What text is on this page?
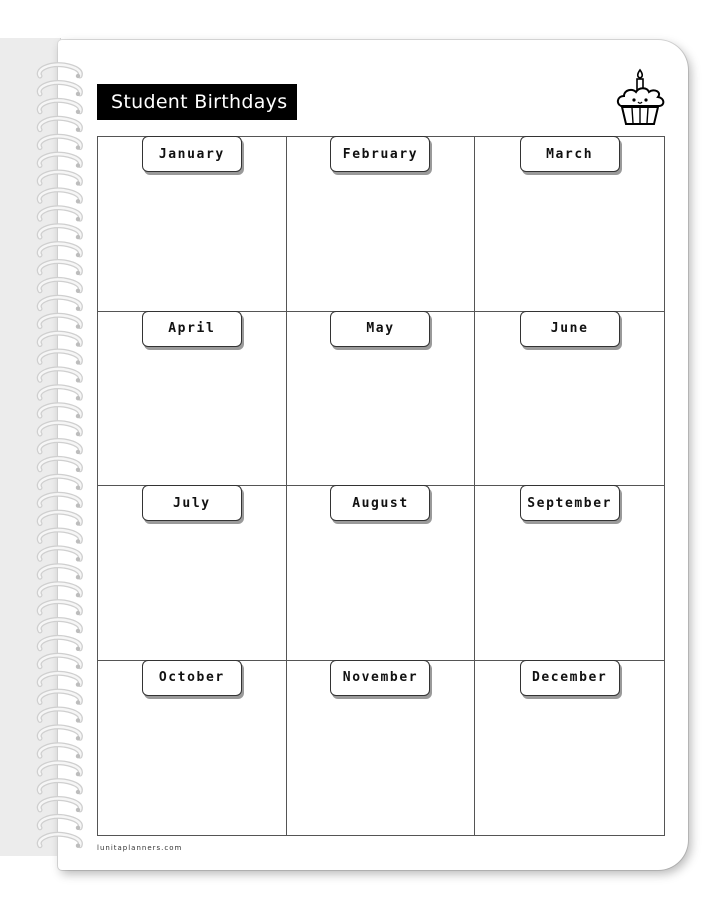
Student Birthdays
January	February	March
April	May	June
July	August	September
October	November	December
lunitaplanners.com
